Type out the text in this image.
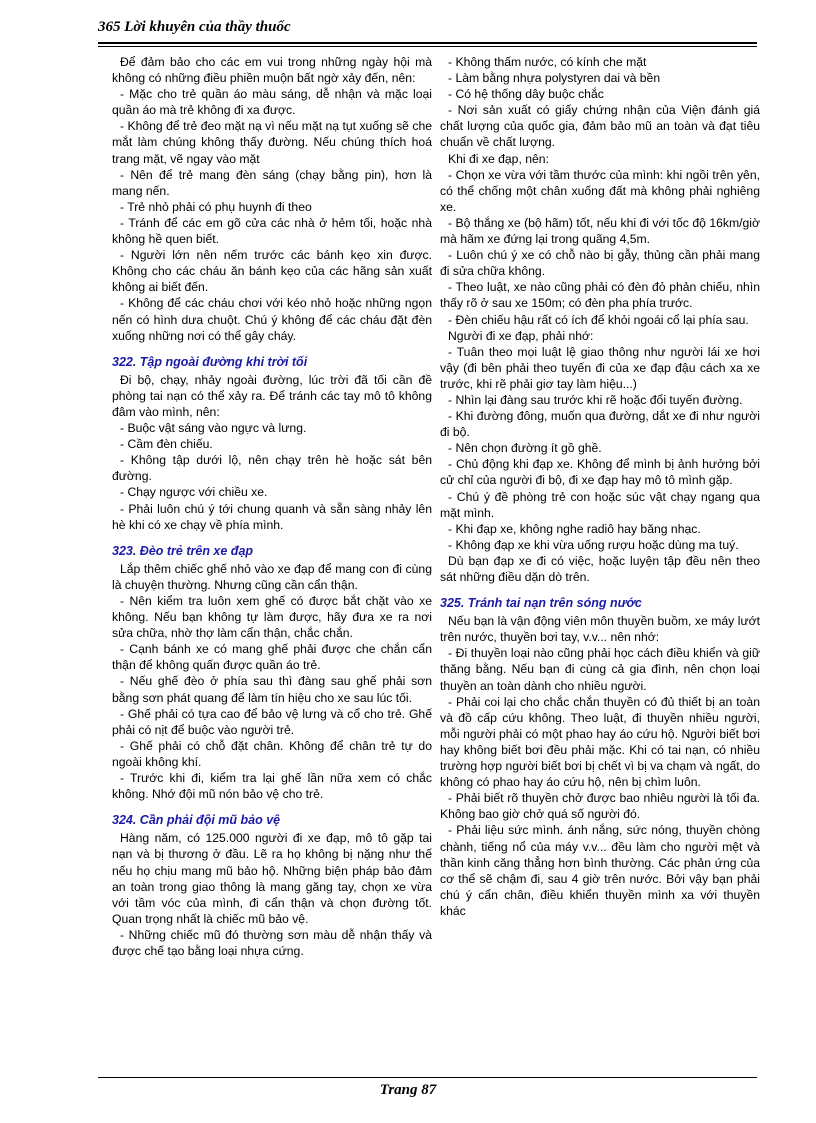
365 Lời khuyên của thầy thuốc

Để đảm bảo cho các em vui trong những ngày hội mà không có những điều phiền muộn bất ngờ xảy đến, nên:

- Mặc cho trẻ quần áo màu sáng, dễ nhận và mặc loại quần áo mà trẻ không đi xa được.

- Không để trẻ đeo mặt nạ vì nếu mặt nạ tụt xuống sẽ che mắt làm chúng không thấy đường. Nếu chúng thích hoá trang mặt, vẽ ngay vào mặt

- Nên để trẻ mang đèn sáng (chạy bằng pin), hơn là mang nến.

- Trẻ nhỏ phải có phụ huynh đi theo

- Tránh để các em gõ cửa các nhà ở hẻm tối, hoặc nhà không hề quen biết.

- Người lớn nên nếm trước các bánh kẹo xin được. Không cho các cháu ăn bánh kẹo của các hãng sản xuất không ai biết đến.

- Không để các cháu chơi với kéo nhỏ hoặc những ngọn nến có hình dưa chuột. Chú ý không để các cháu đặt đèn xuống những nơi có thể gây cháy.

322. Tập ngoài đường khi trời tối

Đi bộ, chạy, nhảy ngoài đường, lúc trời đã tối cần đề phòng tai nạn có thể xảy ra. Để tránh các tay mô tô không đâm vào mình, nên:

- Buộc vật sáng vào ngực và lưng.

- Cầm đèn chiếu.

- Không tập dưới lộ, nên chạy trên hè hoặc sát bên đường.

- Chạy ngược với chiều xe.

- Phải luôn chú ý tới chung quanh và sẵn sàng nhảy lên hè khi có xe chạy về phía mình.

323. Đèo trẻ trên xe đạp

Lắp thêm chiếc ghế nhỏ vào xe đạp để mang con đi cùng là chuyện thường. Nhưng cũng cần cẩn thận.

- Nên kiểm tra luôn xem ghế có được bắt chặt vào xe không. Nếu bạn không tự làm được, hãy đưa xe ra nơi sửa chữa, nhờ thợ làm cẩn thận, chắc chắn.

- Cạnh bánh xe có mang ghế phải được che chắn cẩn thận để không quấn được quần áo trẻ.

- Nếu ghế đèo ở phía sau thì đàng sau ghế phải sơn bằng sơn phát quang để làm tín hiệu cho xe sau lúc tối.

- Ghế phải có tựa cao để bảo vệ lưng và cổ cho trẻ. Ghế phải có nịt để buộc vào người trẻ.

- Ghế phải có chỗ đặt chân. Không để chân trẻ tự do ngoài không khí.

- Trước khi đi, kiểm tra lại ghế lần nữa xem có chắc không. Nhớ đội mũ nón bảo vệ cho trẻ.

324. Cần phải đội mũ bảo vệ

Hàng năm, có 125.000 người đi xe đạp, mô tô gặp tai nạn và bị thương ở đầu. Lẽ ra họ không bị nặng như thế nếu họ chịu mang mũ bảo hộ. Những biện pháp bảo đảm an toàn trong giao thông là mang găng tay, chọn xe vừa với tầm vóc của mình, đi cẩn thận và chọn đường tốt. Quan trọng nhất là chiếc mũ bảo vệ.

- Những chiếc mũ đó thường sơn màu dễ nhận thấy và được chế tạo bằng loại nhựa cứng.

- Không thấm nước, có kính che mặt

- Làm bằng nhựa polystyren dai và bền

- Có hệ thống dây buộc chắc

- Nơi sản xuất có giấy chứng nhận của Viện đánh giá chất lượng của quốc gia, đảm bảo mũ an toàn và đạt tiêu chuẩn về chất lượng.

Khi đi xe đạp, nên:

- Chọn xe vừa với tầm thước của mình: khi ngồi trên yên, có thể chống một chân xuống đất mà không phải nghiêng xe.

- Bộ thắng xe (bộ hãm) tốt, nếu khi đi với tốc độ 16km/giờ mà hãm xe đứng lại trong quãng 4,5m.

- Luôn chú ý xe có chỗ nào bị gẫy, thủng cần phải mang đi sửa chữa không.

- Theo luật, xe nào cũng phải có đèn đỏ phản chiếu, nhìn thấy rõ ở sau xe 150m; có đèn pha phía trước.

- Đèn chiếu hậu rất có ích để khỏi ngoái cổ lại phía sau.

Người đi xe đạp, phải nhớ:

- Tuân theo mọi luật lệ giao thông như người lái xe hơi vậy (đi bên phải theo tuyến đi của xe đạp đậu cách xa xe trước, khi rẽ phải giơ tay làm hiệu...)

- Nhìn lại đàng sau trước khi rẽ hoặc đổi tuyến đường.

- Khi đường đông, muốn qua đường, dắt xe đi như người đi bộ.

- Nên chọn đường ít gồ ghề.

- Chủ động khi đạp xe. Không để mình bị ảnh hưởng bởi cử chỉ của người đi bộ, đi xe đạp hay mô tô mình gặp.

- Chú ý đề phòng trẻ con hoặc súc vật chạy ngang qua mặt mình.

- Khi đạp xe, không nghe radiô hay băng nhạc.

- Không đạp xe khi vừa uống rượu hoặc dùng ma tuý.

Dù bạn đạp xe đi có việc, hoặc luyện tập đều nên theo sát những điều dặn dò trên.

325. Tránh tai nạn trên sóng nước

Nếu bạn là vận động viên môn thuyền buồm, xe máy lướt trên nước, thuyền bơi tay, v.v... nên nhớ:

- Đi thuyền loại nào cũng phải học cách điều khiển và giữ thăng bằng. Nếu bạn đi cùng cả gia đình, nên chọn loại thuyền an toàn dành cho nhiều người.

- Phải coi lại cho chắc chắn thuyền có đủ thiết bị an toàn và đồ cấp cứu không. Theo luật, đi thuyền nhiều người, mỗi người phải có một phao hay áo cứu hộ. Người biết bơi hay không biết bơi đều phải mặc. Khi có tai nạn, có nhiều trường hợp người biết bơi bị chết vì bị va chạm và ngất, do không có phao hay áo cứu hộ, nên bị chìm luôn.

- Phải biết rõ thuyền chở được bao nhiêu người là tối đa. Không bao giờ chở quá số người đó.

- Phải liệu sức mình. ánh nắng, sức nóng, thuyền chòng chành, tiếng nổ của máy v.v... đều làm cho người mệt và thần kinh căng thẳng hơn bình thường. Các phản ứng của cơ thể sẽ chậm đi, sau 4 giờ trên nước. Bởi vậy bạn phải chú ý cẩn chân, điều khiển thuyền mình xa với thuyền khác

Trang 87
